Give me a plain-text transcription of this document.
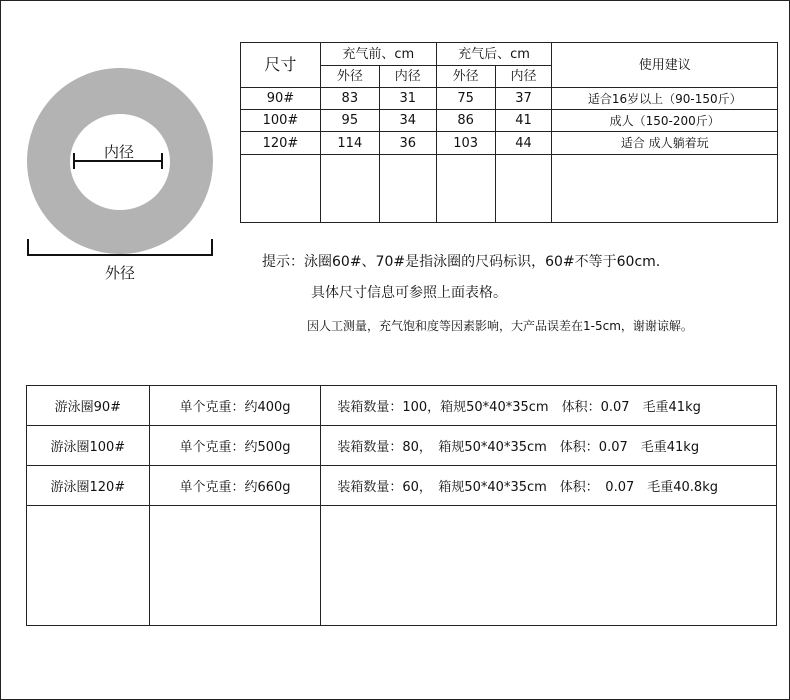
内径
外径
尺寸	充气前、cm		充气后、cm		使用建议
	外径	内径	外径	内径	
90#	83	31	75	37	适合16岁以上（90-150斤）
100#	95	34	86	41	成人（150-200斤）
120#	114	36	103	44	适合 成人躺着玩

提示：泳圈60#、70#是指泳圈的尺码标识，60#不等于60cm.
具体尺寸信息可参照上面表格。
因人工测量，充气饱和度等因素影响，大产品误差在1-5cm，谢谢谅解。
游泳圈90#	单个克重：约400g	装箱数量：100，箱规50*40*35cm　体积：0.07　毛重41kg
游泳圈100#	单个克重：约500g	装箱数量：80，　箱规50*40*35cm　体积：0.07　毛重41kg
游泳圈120#	单个克重：约660g	装箱数量：60，　箱规50*40*35cm　体积：　0.07　毛重40.8kg
